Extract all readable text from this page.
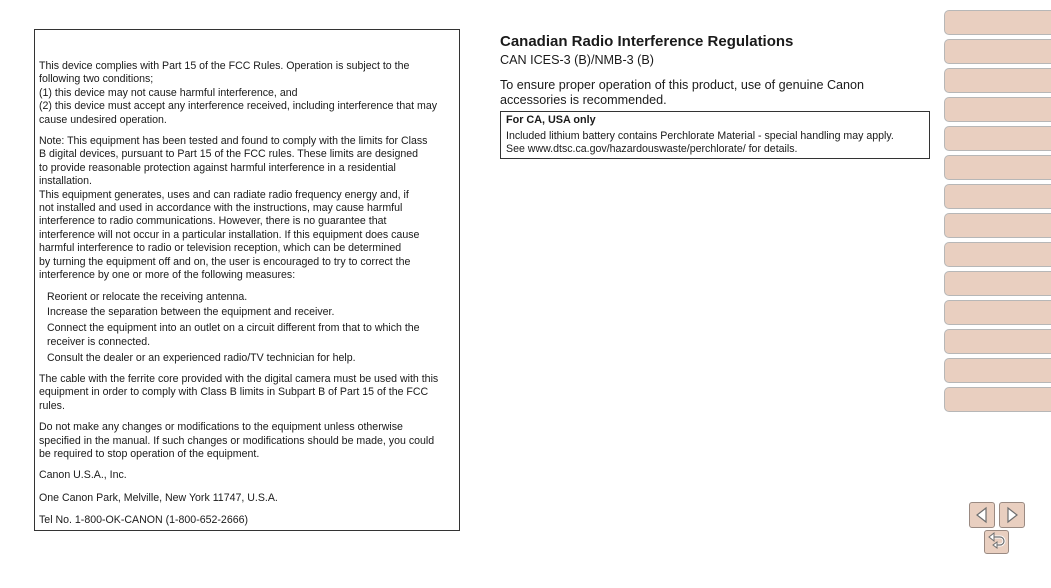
This device complies with Part 15 of the FCC Rules. Operation is subject to the
following two conditions;
(1) this device may not cause harmful interference, and
(2) this device must accept any interference received, including interference that may
cause undesired operation.

Note: This equipment has been tested and found to comply with the limits for Class
B digital devices, pursuant to Part 15 of the FCC rules. These limits are designed
to provide reasonable protection against harmful interference in a residential
installation.
This equipment generates, uses and can radiate radio frequency energy and, if
not installed and used in accordance with the instructions, may cause harmful
interference to radio communications. However, there is no guarantee that
interference will not occur in a particular installation. If this equipment does cause
harmful interference to radio or television reception, which can be determined
by turning the equipment off and on, the user is encouraged to try to correct the
interference by one or more of the following measures:

Reorient or relocate the receiving antenna.

Increase the separation between the equipment and receiver.

Connect the equipment into an outlet on a circuit different from that to which the
receiver is connected.

Consult the dealer or an experienced radio/TV technician for help.

The cable with the ferrite core provided with the digital camera must be used with this
equipment in order to comply with Class B limits in Subpart B of Part 15 of the FCC
rules.

Do not make any changes or modifications to the equipment unless otherwise
specified in the manual. If such changes or modifications should be made, you could
be required to stop operation of the equipment.

Canon U.S.A., Inc.

One Canon Park, Melville, New York 11747, U.S.A.

Tel No. 1-800-OK-CANON (1-800-652-2666)

Canadian Radio Interference Regulations

CAN ICES-3 (B)/NMB-3 (B)

To ensure proper operation of this product, use of genuine Canon
accessories is recommended.

For CA, USA only

Included lithium battery contains Perchlorate Material - special handling may apply.
See www.dtsc.ca.gov/hazardouswaste/perchlorate/ for details.
